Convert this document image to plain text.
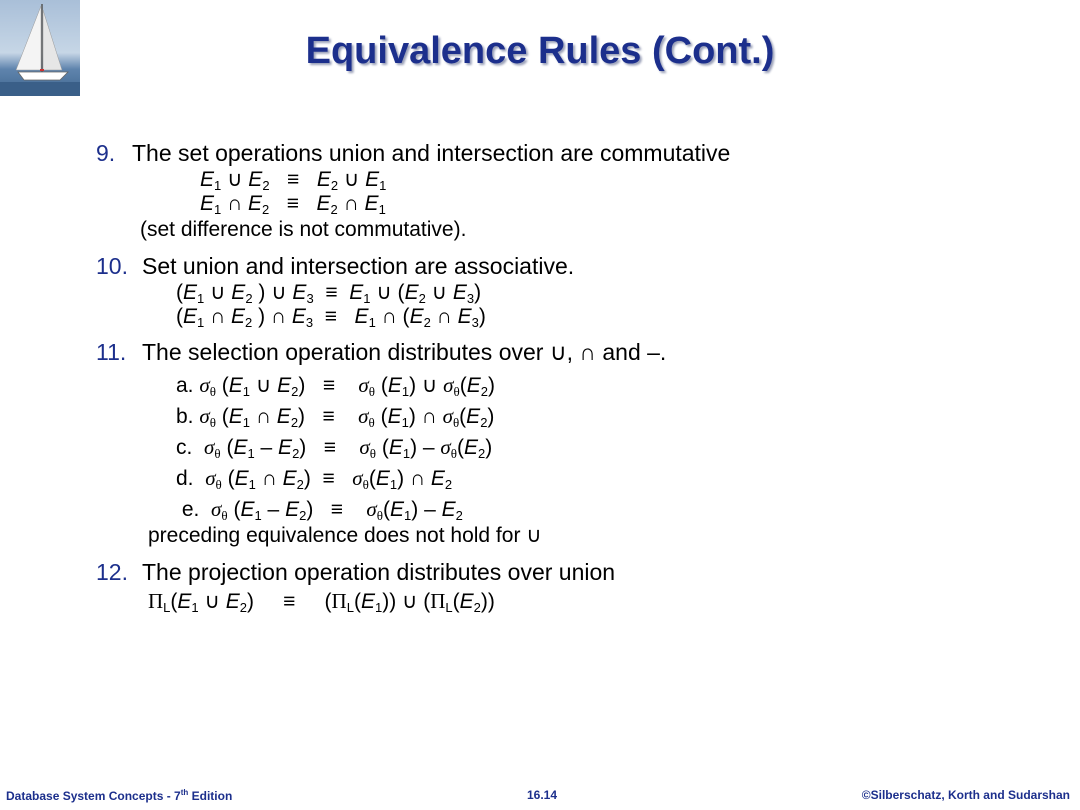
Equivalence Rules (Cont.)
9. The set operations union and intersection are commutative
$E_1$ ∪ $E_2 \equiv E_2$ ∪ $E_1$
$E_1$ ∩ $E_2 \equiv E_2$ ∩ $E_1$
(set difference is not commutative).
10. Set union and intersection are associative.
($E_1$ ∪ $E_2$ ) ∪ $E_3 \equiv E_1$ ∪ ($E_2$ ∪ $E_3$)
($E_1$ ∩ $E_2$ ) ∩ $E_3 \equiv E_1$ ∩ ($E_2$ ∩ $E_3$)
11. The selection operation distributes over ∪, ∩ and –.
a. $\sigma_\theta$ ($E_1$ ∪ $E_2$)   ≡    $\sigma_\theta$ $(E_1)$ ∪ $\sigma_\theta(E_2)$
b. $\sigma_\theta$ ($E_1$ ∩ $E_2$)   ≡    $\sigma_\theta$ $(E_1)$ ∩ $\sigma_\theta(E_2)$
c. $\sigma_\theta$ $(E_1 - E_2)$   ≡    $\sigma_\theta$ $(E_1) - \sigma_\theta(E_2)$
d. $\sigma_\theta$ ($E_1$ ∩ $E_2) \equiv \sigma_\theta(E_1)$ ∩ $E_2$
e. $\sigma_\theta$ $(E_1 - E_2)$   ≡    $\sigma_\theta(E_1) - E_2$
preceding equivalence does not hold for ∪
12. The projection operation distributes over union
$\Pi_L(E_1$ ∪ $E_2$)     ≡     $(\Pi_L(E_1))$ ∪ $(\Pi_L(E_2))$
Database System Concepts - 7th Edition	16.14	©Silberschatz, Korth and Sudarshan
